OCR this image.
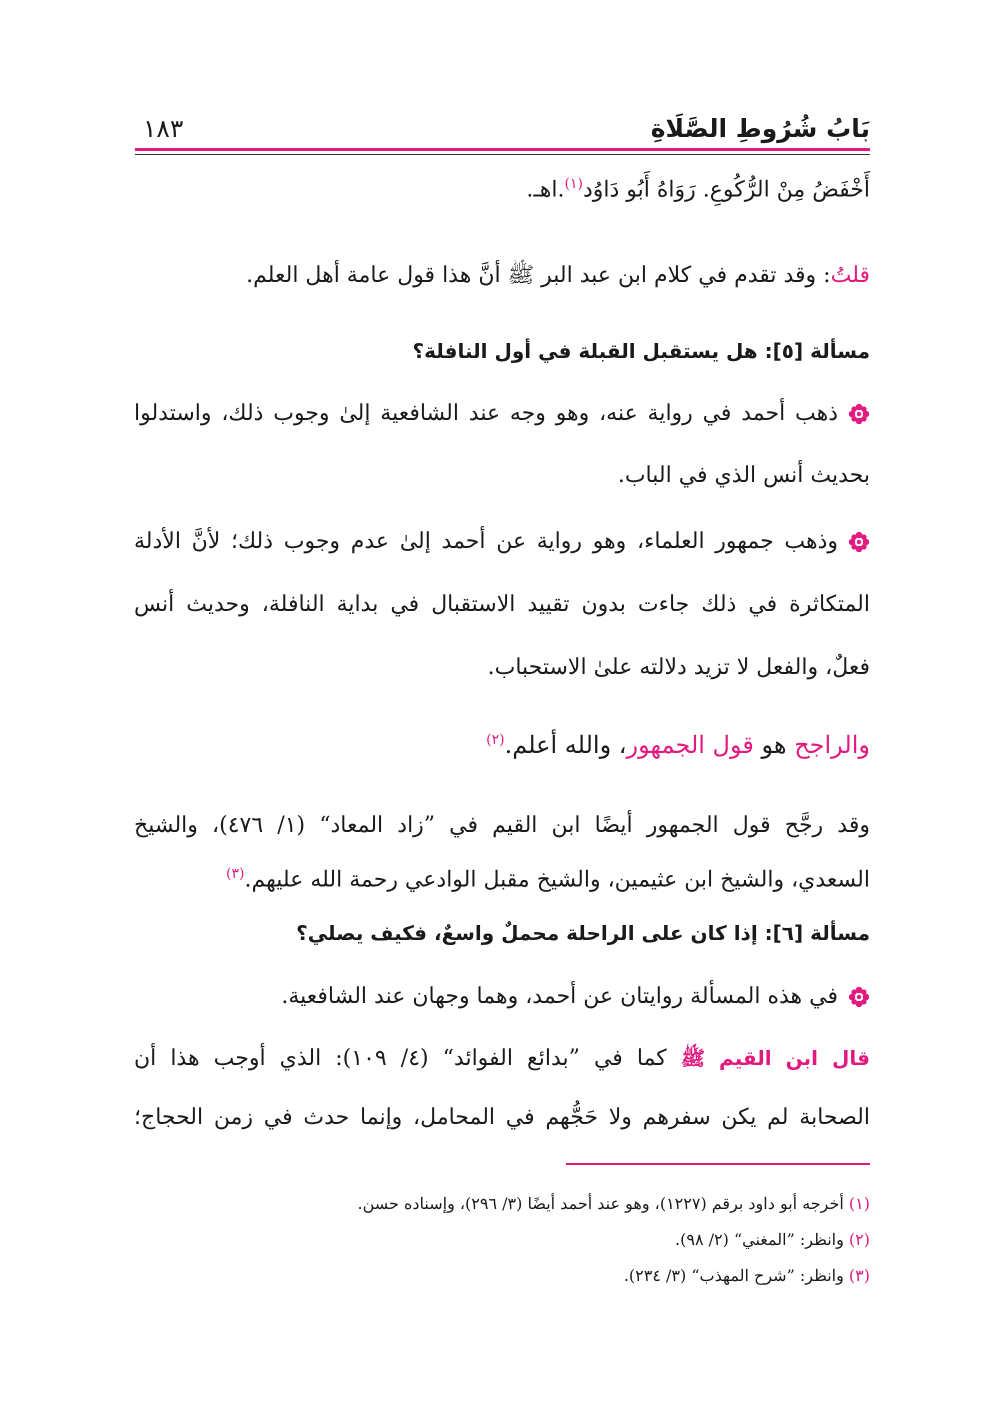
بَابُ شُرُوطِ الصَّلَاةِ
١٨٣
أَخْفَضُ مِنْ الرُّكُوعِ. رَوَاهُ أَبُو دَاوُد$^{(١)}$.اهـ.
قلتُ: وقد تقدم في كلام ابن عبد البر ﷺ أنَّ هذا قول عامة أهل العلم.
مسألة [٥]: هل يستقبل القبلة في أول النافلة؟
ذهب أحمد في رواية عنه، وهو وجه عند الشافعية إلىٰ وجوب ذلك، واستدلوا
بحديث أنس الذي في الباب.
وذهب جمهور العلماء، وهو رواية عن أحمد إلىٰ عدم وجوب ذلك؛ لأنَّ الأدلة
المتكاثرة في ذلك جاءت بدون تقييد الاستقبال في بداية النافلة، وحديث أنس
فعلٌ، والفعل لا تزيد دلالته علىٰ الاستحباب.
والراجح هو قول الجمهور، والله أعلم.$^{(٢)}$
وقد رجَّح قول الجمهور أيضًا ابن القيم في ”زاد المعاد“ (١/ ٤٧٦)، والشيخ
السعدي، والشيخ ابن عثيمين، والشيخ مقبل الوادعي رحمة الله عليهم.$^{(٣)}$
مسألة [٦]: إذا كان على الراحلة محملٌ واسعٌ، فكيف يصلي؟
في هذه المسألة روايتان عن أحمد، وهما وجهان عند الشافعية.
قال ابن القيم ﷺ كما في ”بدائع الفوائد“ (٤/ ١٠٩): الذي أوجب هذا أن
الصحابة لم يكن سفرهم ولا حَجُّهم في المحامل، وإنما حدث في زمن الحجاج؛
(١) أخرجه أبو داود برقم (١٢٢٧)، وهو عند أحمد أيضًا (٣/ ٢٩٦)، وإسناده حسن.
(٢) وانظر: ”المغني“ (٢/ ٩٨).
(٣) وانظر: ”شرح المهذب“ (٣/ ٢٣٤).
